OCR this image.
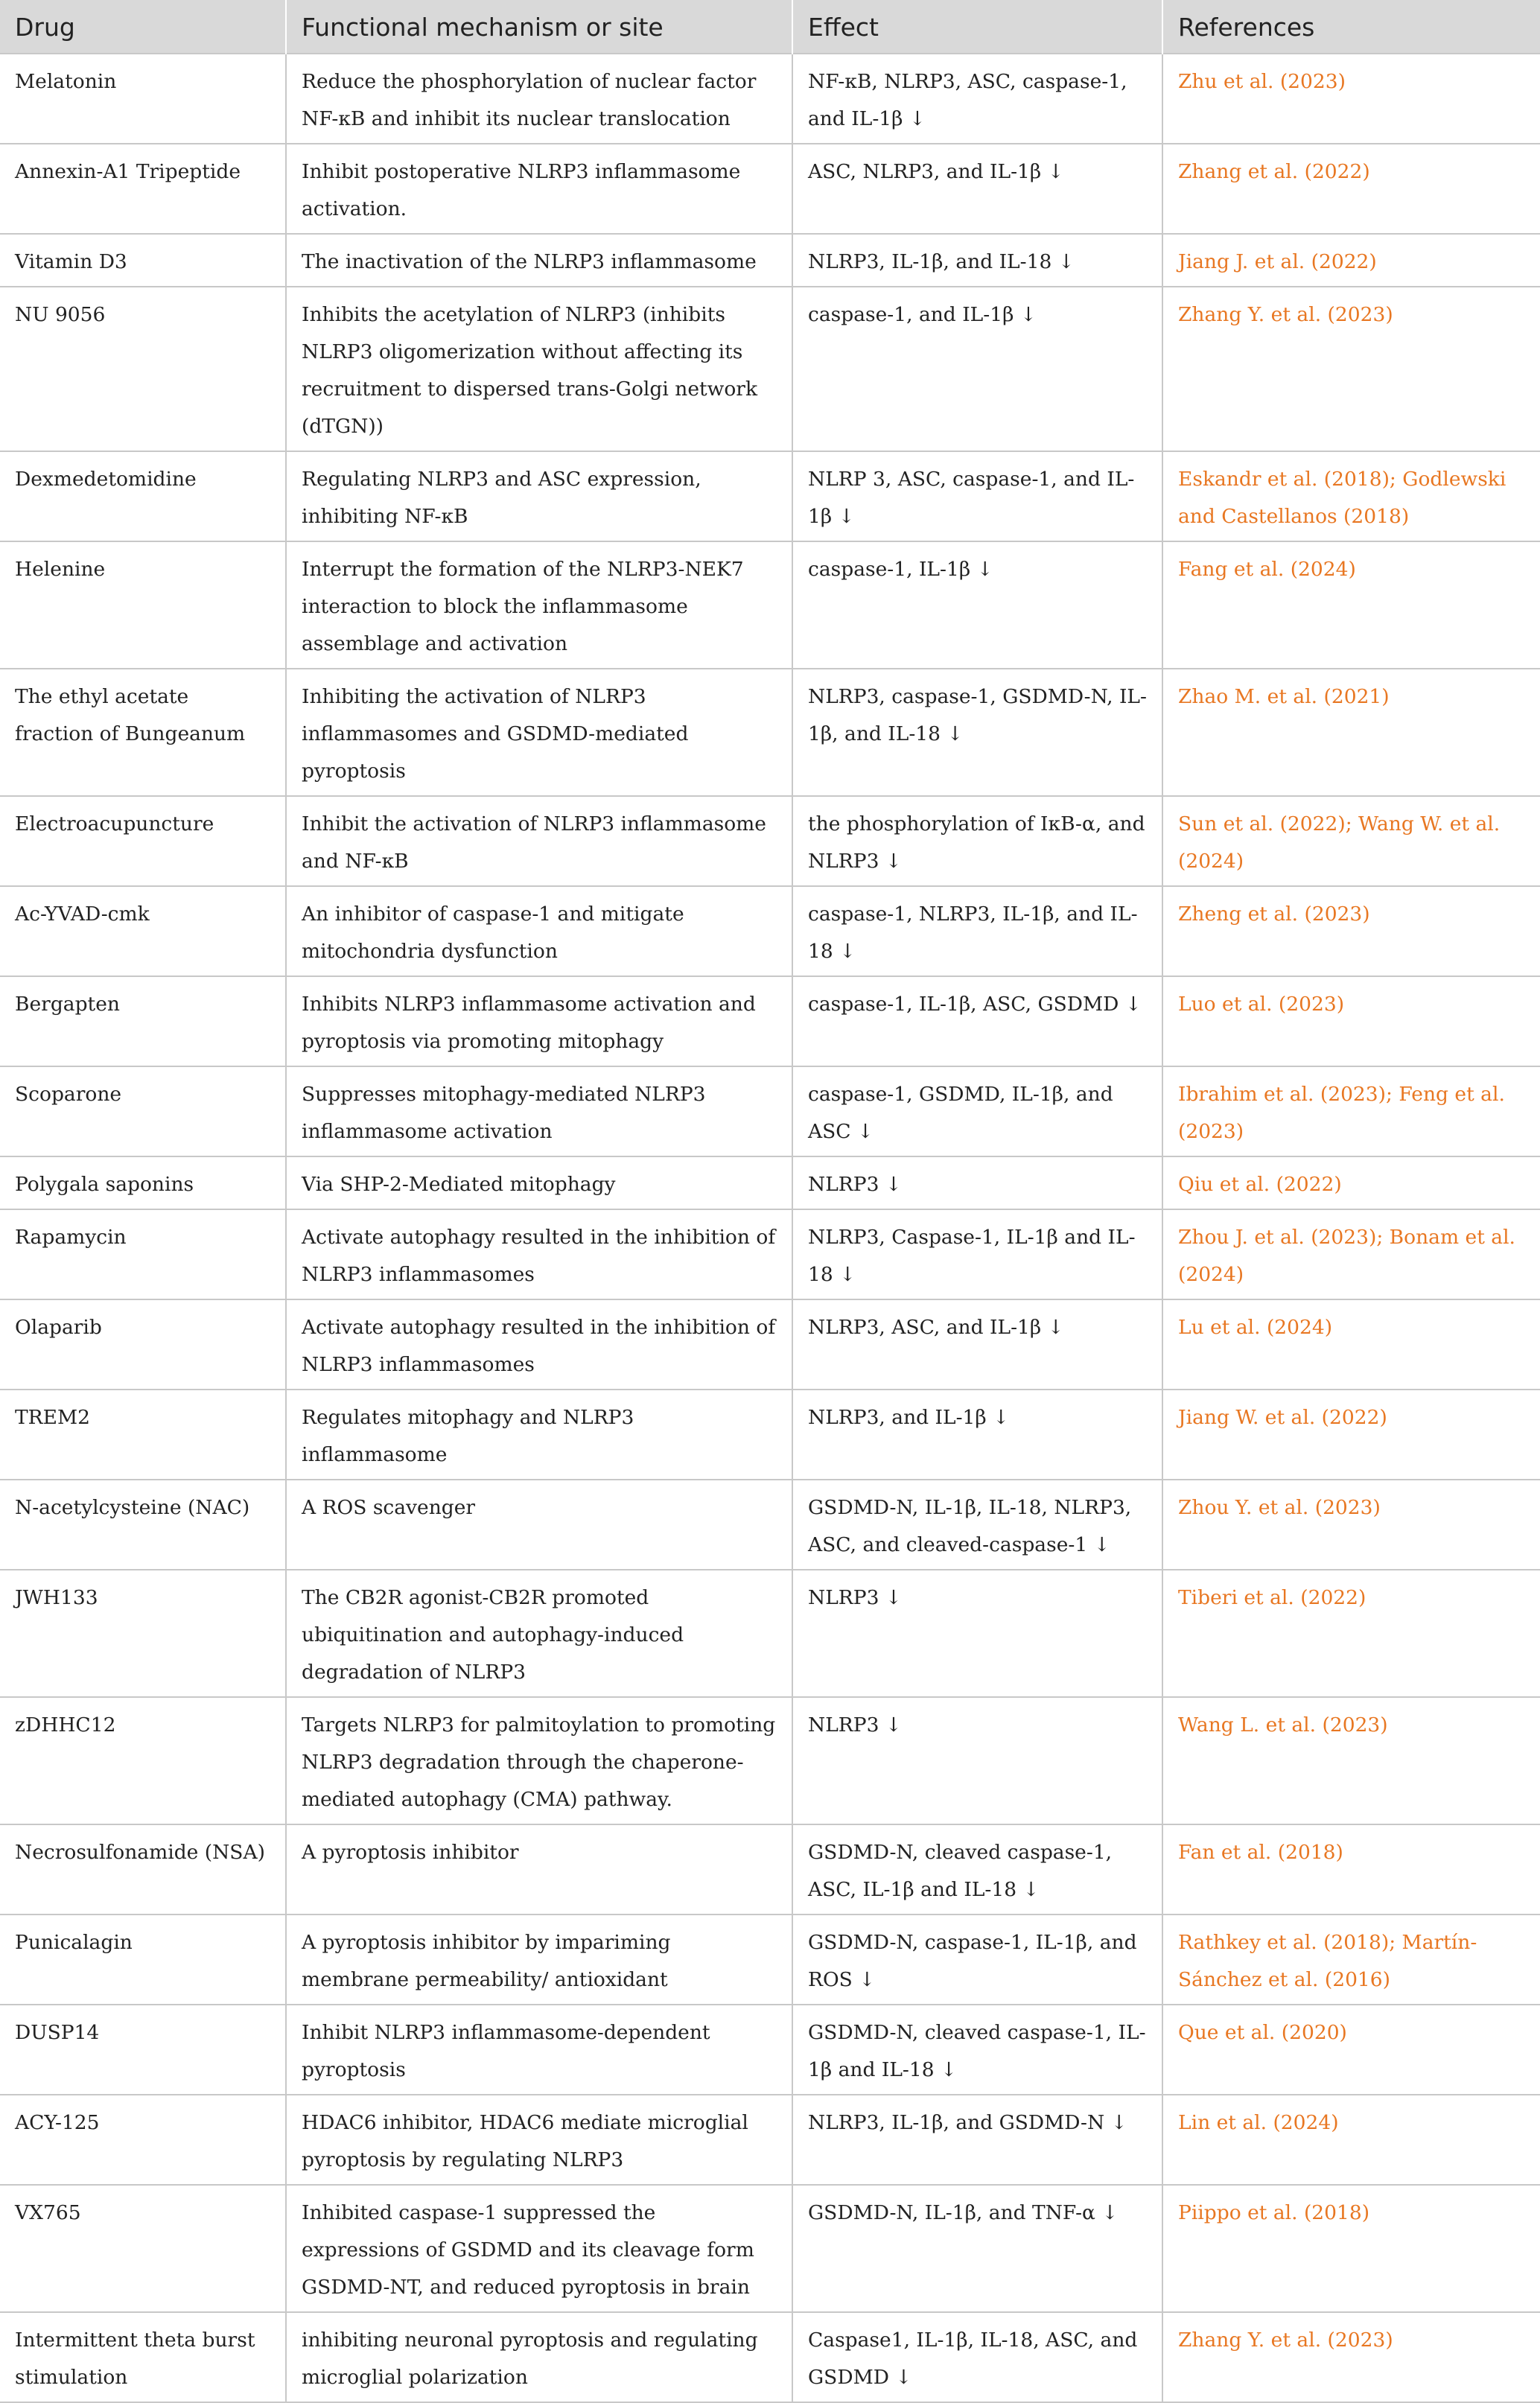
Drug	Functional mechanism or site	Effect	References
Melatonin	Reduce the phosphorylation of nuclear factor NF-κB and inhibit its nuclear translocation	NF-κB, NLRP3, ASC, caspase-1, and IL-1β ↓	Zhu et al. (2023)
Annexin-A1 Tripeptide	Inhibit postoperative NLRP3 inflammasome activation.	ASC, NLRP3, and IL-1β ↓	Zhang et al. (2022)
Vitamin D3	The inactivation of the NLRP3 inflammasome	NLRP3, IL-1β, and IL-18 ↓	Jiang J. et al. (2022)
NU 9056	Inhibits the acetylation of NLRP3 (inhibits NLRP3 oligomerization without affecting its recruitment to dispersed trans-Golgi network (dTGN))	caspase-1, and IL-1β ↓	Zhang Y. et al. (2023)
Dexmedetomidine	Regulating NLRP3 and ASC expression, inhibiting NF-κB	NLRP 3, ASC, caspase-1, and IL-1β ↓	Eskandr et al. (2018); Godlewski and Castellanos (2018)
Helenine	Interrupt the formation of the NLRP3-NEK7 interaction to block the inflammasome assemblage and activation	caspase-1, IL-1β ↓	Fang et al. (2024)
The ethyl acetate fraction of Bungeanum	Inhibiting the activation of NLRP3 inflammasomes and GSDMD-mediated pyroptosis	NLRP3, caspase-1, GSDMD-N, IL-1β, and IL-18 ↓	Zhao M. et al. (2021)
Electroacupuncture	Inhibit the activation of NLRP3 inflammasome and NF-κB	the phosphorylation of IκB-α, and NLRP3 ↓	Sun et al. (2022); Wang W. et al. (2024)
Ac-YVAD-cmk	An inhibitor of caspase-1 and mitigate mitochondria dysfunction	caspase-1, NLRP3, IL-1β, and IL-18 ↓	Zheng et al. (2023)
Bergapten	Inhibits NLRP3 inflammasome activation and pyroptosis via promoting mitophagy	caspase-1, IL-1β, ASC, GSDMD ↓	Luo et al. (2023)
Scoparone	Suppresses mitophagy-mediated NLRP3 inflammasome activation	caspase-1, GSDMD, IL-1β, and ASC ↓	Ibrahim et al. (2023); Feng et al. (2023)
Polygala saponins	Via SHP-2-Mediated mitophagy	NLRP3 ↓	Qiu et al. (2022)
Rapamycin	Activate autophagy resulted in the inhibition of NLRP3 inflammasomes	NLRP3, Caspase-1, IL-1β and IL-18 ↓	Zhou J. et al. (2023); Bonam et al. (2024)
Olaparib	Activate autophagy resulted in the inhibition of NLRP3 inflammasomes	NLRP3, ASC, and IL-1β ↓	Lu et al. (2024)
TREM2	Regulates mitophagy and NLRP3 inflammasome	NLRP3, and IL-1β ↓	Jiang W. et al. (2022)
N-acetylcysteine (NAC)	A ROS scavenger	GSDMD-N, IL-1β, IL-18, NLRP3, ASC, and cleaved-caspase-1 ↓	Zhou Y. et al. (2023)
JWH133	The CB2R agonist-CB2R promoted ubiquitination and autophagy-induced degradation of NLRP3	NLRP3 ↓	Tiberi et al. (2022)
zDHHC12	Targets NLRP3 for palmitoylation to promoting NLRP3 degradation through the chaperone-mediated autophagy (CMA) pathway.	NLRP3 ↓	Wang L. et al. (2023)
Necrosulfonamide (NSA)	A pyroptosis inhibitor	GSDMD-N, cleaved caspase-1, ASC, IL-1β and IL-18 ↓	Fan et al. (2018)
Punicalagin	A pyroptosis inhibitor by impariming membrane permeability/ antioxidant	GSDMD-N, caspase-1, IL-1β, and ROS ↓	Rathkey et al. (2018); Martín-Sánchez et al. (2016)
DUSP14	Inhibit NLRP3 inflammasome-dependent pyroptosis	GSDMD-N, cleaved caspase-1, IL-1β and IL-18 ↓	Que et al. (2020)
ACY-125	HDAC6 inhibitor, HDAC6 mediate microglial pyroptosis by regulating NLRP3	NLRP3, IL-1β, and GSDMD-N ↓	Lin et al. (2024)
VX765	Inhibited caspase-1 suppressed the expressions of GSDMD and its cleavage form GSDMD-NT, and reduced pyroptosis in brain	GSDMD-N, IL-1β, and TNF-α ↓	Piippo et al. (2018)
Intermittent theta burst stimulation	inhibiting neuronal pyroptosis and regulating microglial polarization	Caspase1, IL-1β, IL-18, ASC, and GSDMD ↓	Zhang Y. et al. (2023)
